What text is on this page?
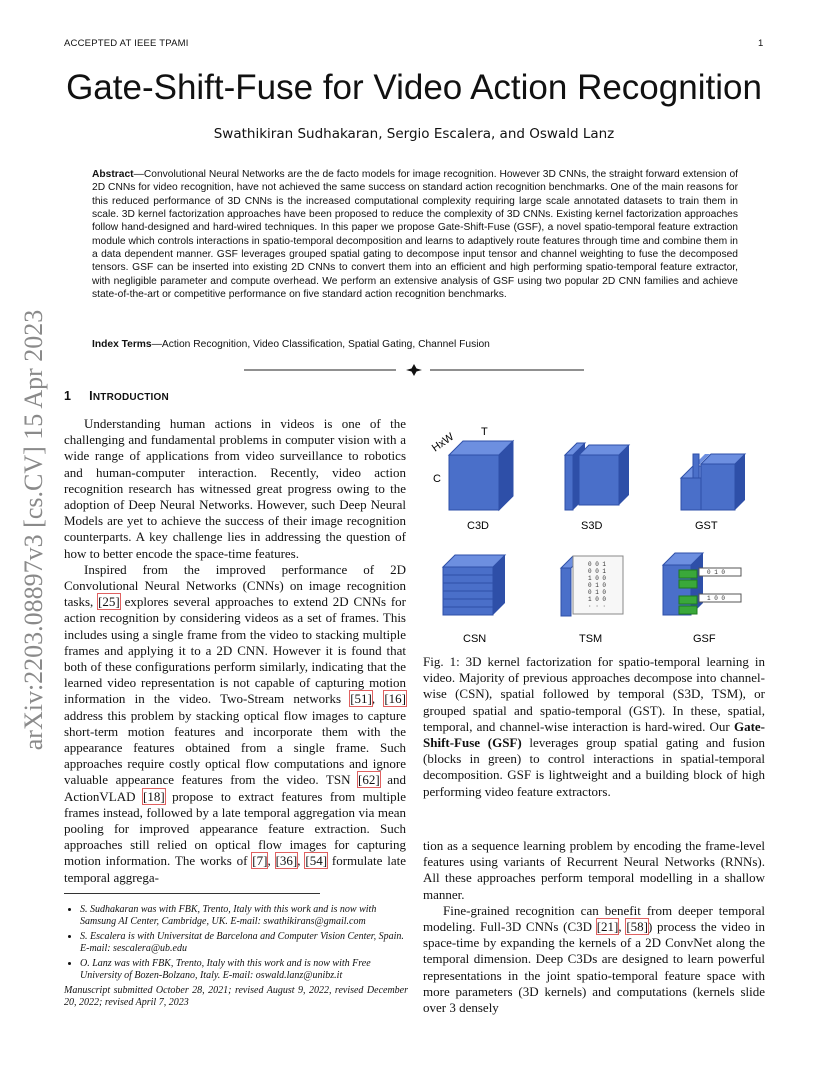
ACCEPTED AT IEEE TPAMI	1
arXiv:2203.08897v3 [cs.CV] 15 Apr 2023
Gate-Shift-Fuse for Video Action Recognition
Swathikiran Sudhakaran, Sergio Escalera, and Oswald Lanz
Abstract—Convolutional Neural Networks are the de facto models for image recognition. However 3D CNNs, the straight forward extension of 2D CNNs for video recognition, have not achieved the same success on standard action recognition benchmarks. One of the main reasons for this reduced performance of 3D CNNs is the increased computational complexity requiring large scale annotated datasets to train them in scale. 3D kernel factorization approaches have been proposed to reduce the complexity of 3D CNNs. Existing kernel factorization approaches follow hand-designed and hard-wired techniques. In this paper we propose Gate-Shift-Fuse (GSF), a novel spatio-temporal feature extraction module which controls interactions in spatio-temporal decomposition and learns to adaptively route features through time and combine them in a data dependent manner. GSF leverages grouped spatial gating to decompose input tensor and channel weighting to fuse the decomposed tensors. GSF can be inserted into existing 2D CNNs to convert them into an efficient and high performing spatio-temporal feature extractor, with negligible parameter and compute overhead. We perform an extensive analysis of GSF using two popular 2D CNN families and achieve state-of-the-art or competitive performance on five standard action recognition benchmarks.
Index Terms—Action Recognition, Video Classification, Spatial Gating, Channel Fusion
1 INTRODUCTION

Understanding human actions in videos is one of the challenging and fundamental problems in computer vision with a wide range of applications from video surveillance to robotics and human-computer interaction. Recently, video action recognition research has witnessed great progress owing to the adoption of Deep Neural Networks. However, such Deep Neural Models are yet to achieve the success of their image recognition counterparts. A key challenge lies in addressing the question of how to better encode the space-time features.

Inspired from the improved performance of 2D Convolutional Neural Networks (CNNs) on image recognition tasks, [25] explores several approaches to extend 2D CNNs for action recognition by considering videos as a set of frames. This includes using a single frame from the video to stacking multiple frames and applying it to a 2D CNN. However it is found that both of these configurations perform similarly, indicating that the learned video representation is not capable of capturing motion information in the video. Two-Stream networks [51], [16] address this problem by stacking optical flow images to capture short-term motion features and incorporate them with the appearance features obtained from a single frame. Such approaches require costly optical flow computations and ignore valuable appearance features from the video. TSN [62] and ActionVLAD [18] propose to extract features from multiple frames instead, followed by a late temporal aggregation via mean pooling for improved appearance feature extraction. Such approaches still relied on optical flow images for capturing motion information. The works of [7], [36], [54] formulate late temporal aggrega-

HxW T
C
C3D	S3D	GST
0 0 1
0 0 1
1 0 0
0 1 0
0 1 0
1 0 0
· · ·
0 1 0
1 0 0
CSN	TSM	GSF
Fig. 1: 3D kernel factorization for spatio-temporal learning in video. Majority of previous approaches decompose into channel-wise (CSN), spatial followed by temporal (S3D, TSM), or grouped spatial and spatio-temporal (GST). In these, spatial, temporal, and channel-wise interaction is hard-wired. Our Gate-Shift-Fuse (GSF) leverages group spatial gating and fusion (blocks in green) to control interactions in spatial-temporal decomposition. GSF is lightweight and a building block of high performing video feature extractors.

tion as a sequence learning problem by encoding the frame-level features using variants of Recurrent Neural Networks (RNNs). All these approaches perform temporal modelling in a shallow manner.

Fine-grained recognition can benefit from deeper temporal modeling. Full-3D CNNs (C3D [21], [58]) process the video in space-time by expanding the kernels of a 2D ConvNet along the temporal dimension. Deep C3Ds are designed to learn powerful representations in the joint spatio-temporal feature space with more parameters (3D kernels) and computations (kernels slide over 3 densely

• S. Sudhakaran was with FBK, Trento, Italy with this work and is now with Samsung AI Center, Cambridge, UK. E-mail: swathikirans@gmail.com
• S. Escalera is with Universitat de Barcelona and Computer Vision Center, Spain. E-mail: sescalera@ub.edu
• O. Lanz was with FBK, Trento, Italy with this work and is now with Free University of Bozen-Bolzano, Italy. E-mail: oswald.lanz@unibz.it
Manuscript submitted October 28, 2021; revised August 9, 2022, revised December 20, 2022; revised April 7, 2023
